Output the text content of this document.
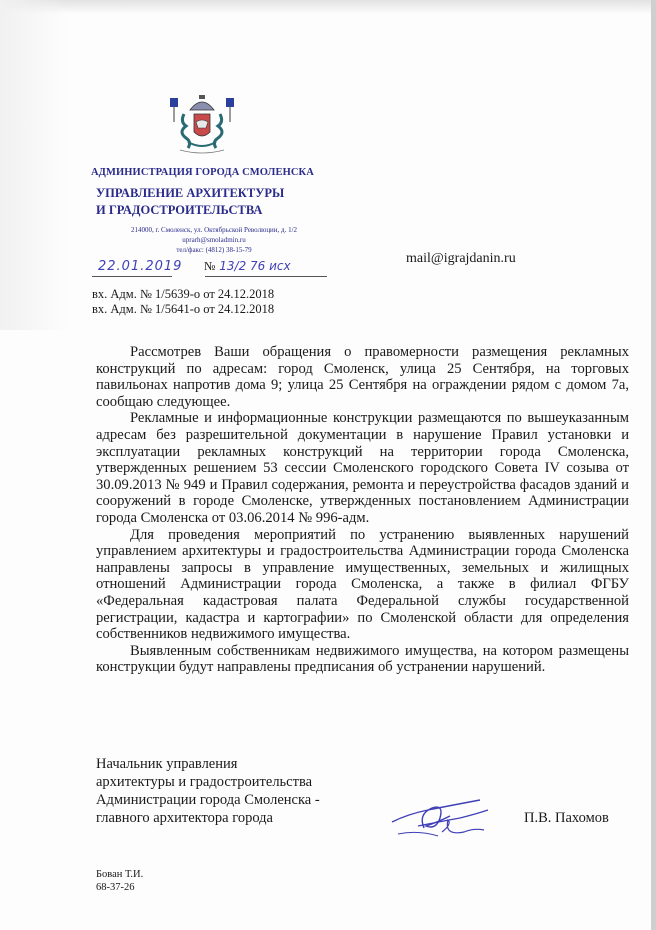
АДМИНИСТРАЦИЯ ГОРОДА СМОЛЕНСКА
УПРАВЛЕНИЕ АРХИТЕКТУРЫ
И ГРАДОСТРОИТЕЛЬСТВА
214000, г. Смоленск, ул. Октябрьской Революции, д. 1/2
uprarh@smoladmin.ru
тел/факс: (4812) 38-15-79
22.01.2019 № 13/2 76 исх	mail@igrajdanin.ru
вх. Адм. № 1/5639-о от 24.12.2018
вх. Адм. № 1/5641-о от 24.12.2018

Рассмотрев Ваши обращения о правомерности размещения рекламных конструкций по адресам: город Смоленск, улица 25 Сентября, на торговых павильонах напротив дома 9; улица 25 Сентября на ограждении рядом с домом 7а, сообщаю следующее.

Рекламные и информационные конструкции размещаются по вышеуказанным адресам без разрешительной документации в нарушение Правил установки и эксплуатации рекламных конструкций на территории города Смоленска, утвержденных решением 53 сессии Смоленского городского Совета IV созыва от 30.09.2013 № 949 и Правил содержания, ремонта и переустройства фасадов зданий и сооружений в городе Смоленске, утвержденных постановлением Администрации города Смоленска от 03.06.2014 № 996-адм.

Для проведения мероприятий по устранению выявленных нарушений управлением архитектуры и градостроительства Администрации города Смоленска направлены запросы в управление имущественных, земельных и жилищных отношений Администрации города Смоленска, а также в филиал ФГБУ «Федеральная кадастровая палата Федеральной службы государственной регистрации, кадастра и картографии» по Смоленской области для определения собственников недвижимого имущества.

Выявленным собственникам недвижимого имущества, на котором размещены конструкции будут направлены предписания об устранении нарушений.

Начальник управления
архитектуры и градостроительства
Администрации города Смоленска -
главного архитектора города	П.В. Пахомов
Бован Т.И.
68-37-26
